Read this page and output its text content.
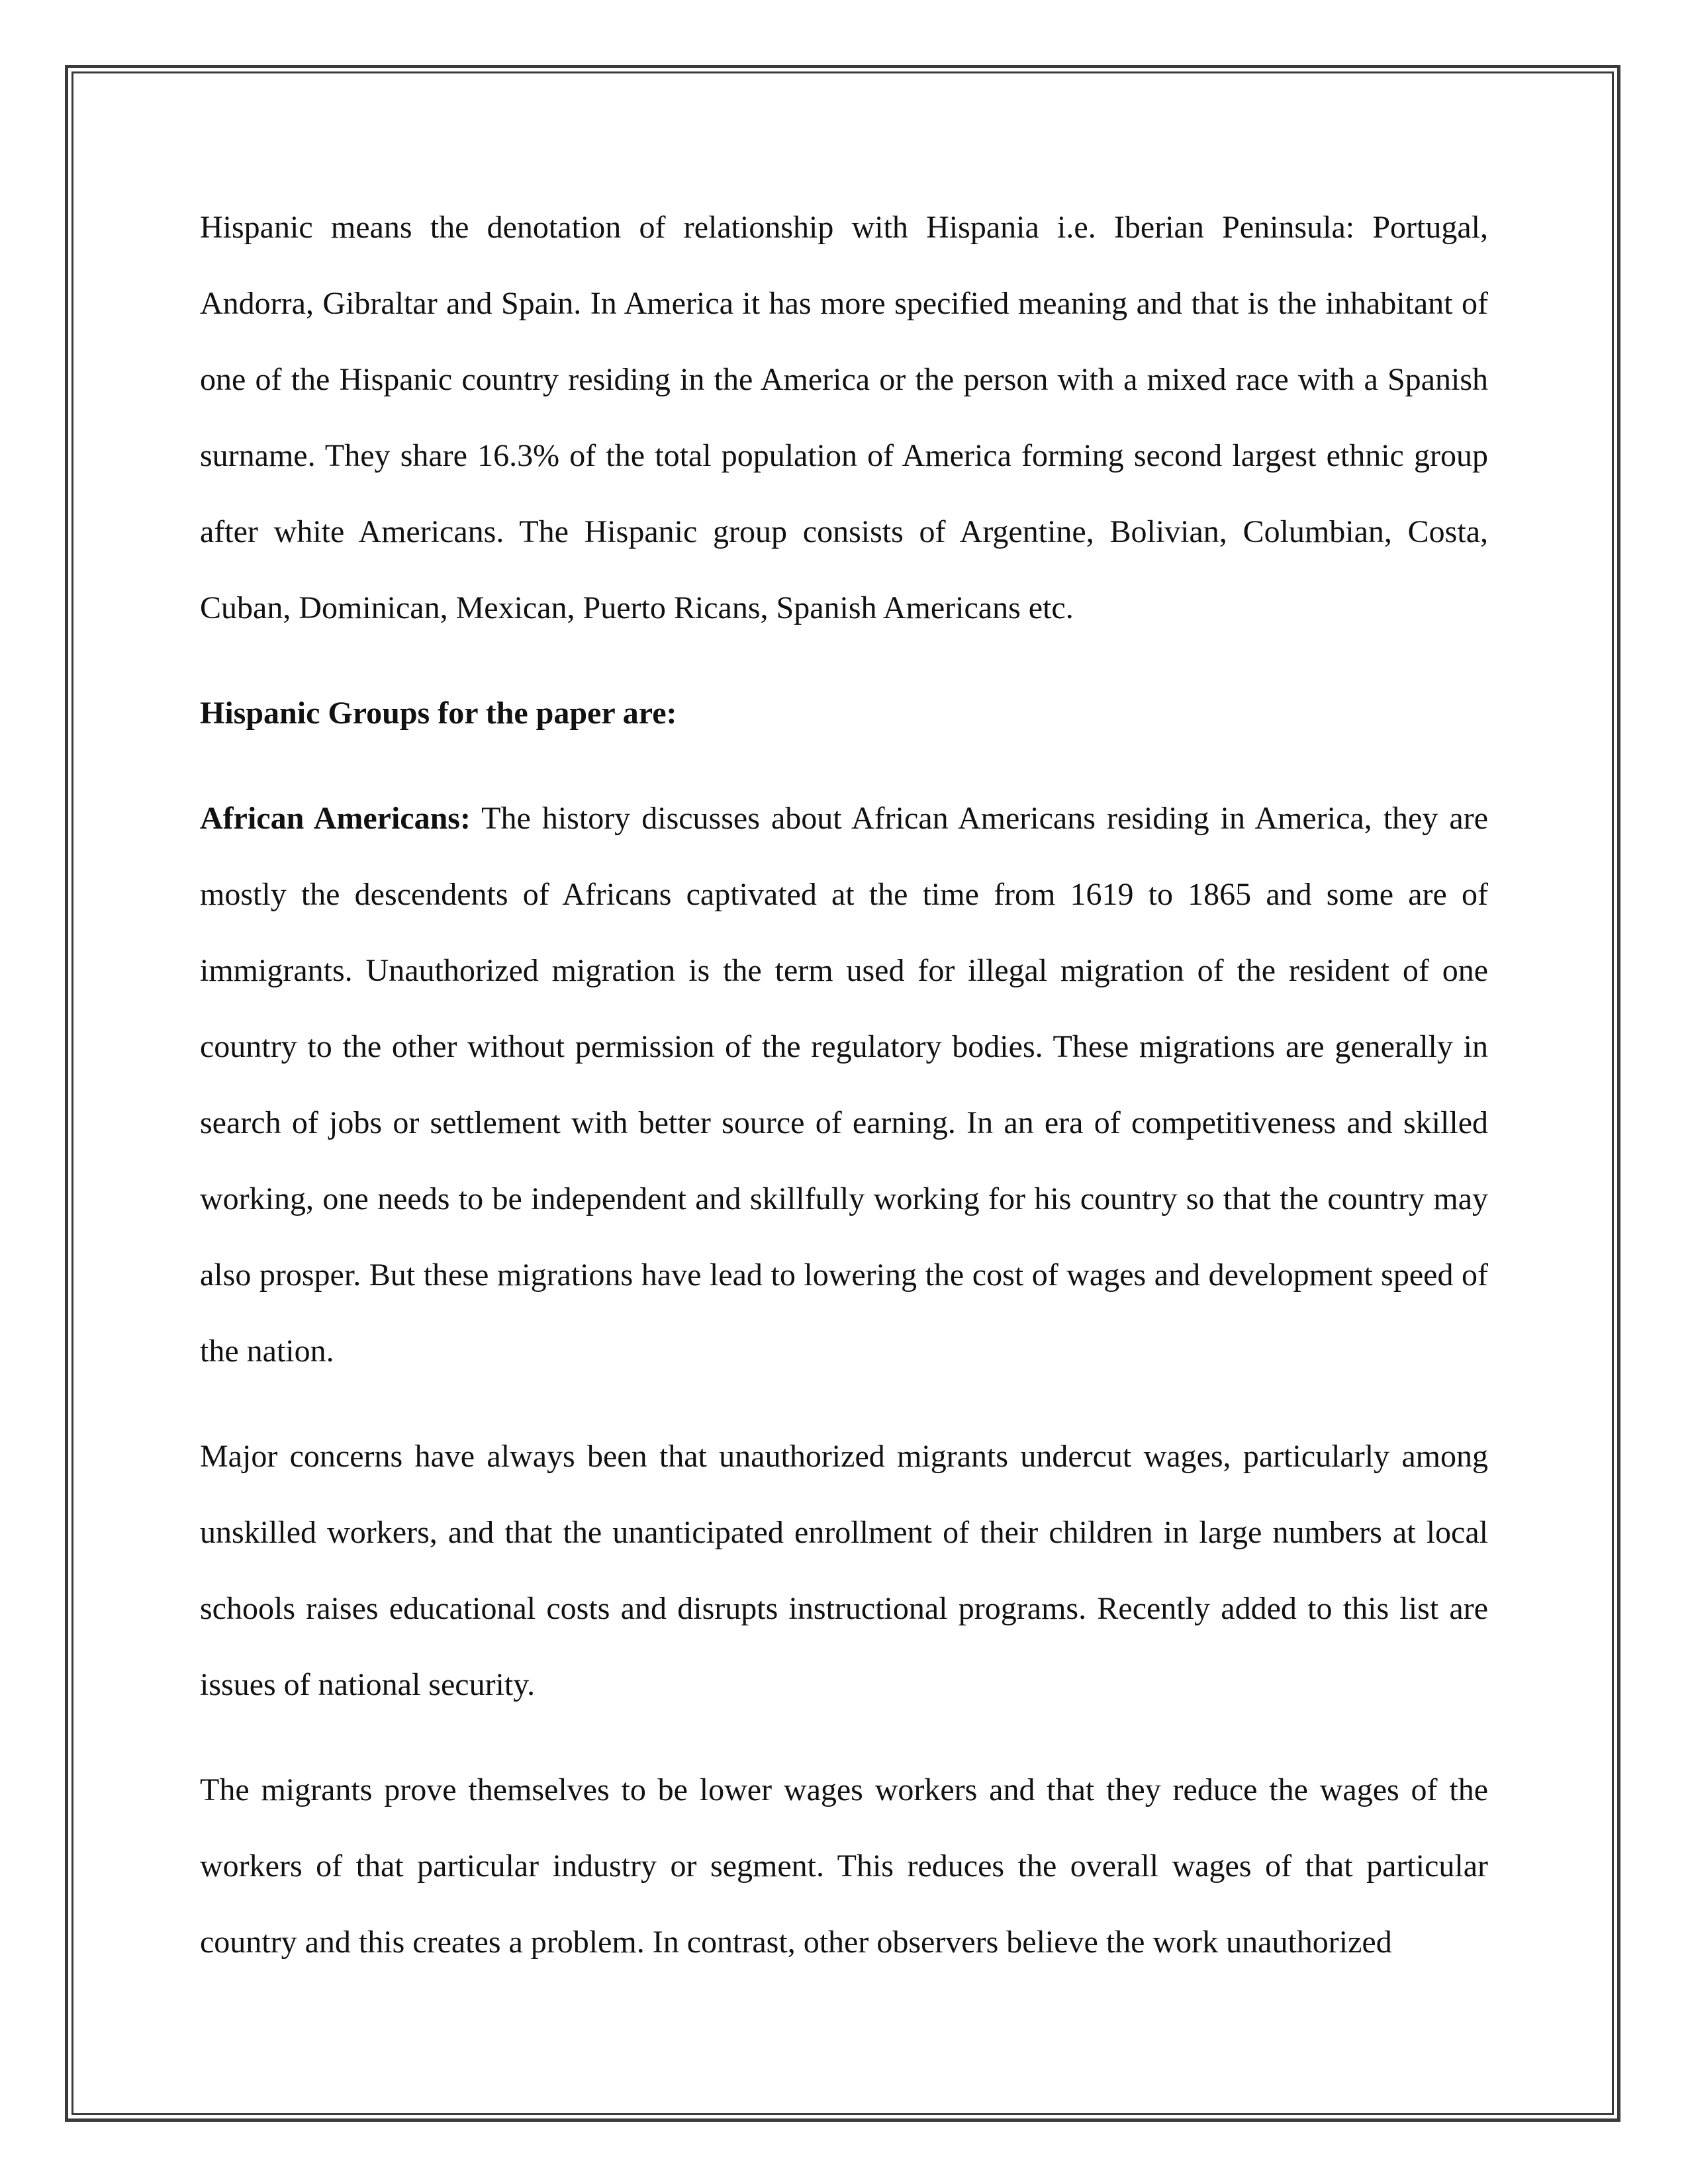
Hispanic means the denotation of relationship with Hispania i.e. Iberian Peninsula: Portugal, Andorra, Gibraltar and Spain. In America it has more specified meaning and that is the inhabitant of one of the Hispanic country residing in the America or the person with a mixed race with a Spanish surname. They share 16.3% of the total population of America forming second largest ethnic group after white Americans. The Hispanic group consists of Argentine, Bolivian, Columbian, Costa, Cuban, Dominican, Mexican, Puerto Ricans, Spanish Americans etc.

Hispanic Groups for the paper are:

African Americans: The history discusses about African Americans residing in America, they are mostly the descendents of Africans captivated at the time from 1619 to 1865 and some are of immigrants. Unauthorized migration is the term used for illegal migration of the resident of one country to the other without permission of the regulatory bodies. These migrations are generally in search of jobs or settlement with better source of earning. In an era of competitiveness and skilled working, one needs to be independent and skillfully working for his country so that the country may also prosper. But these migrations have lead to lowering the cost of wages and development speed of the nation.

Major concerns have always been that unauthorized migrants undercut wages, particularly among unskilled workers, and that the unanticipated enrollment of their children in large numbers at local schools raises educational costs and disrupts instructional programs. Recently added to this list are issues of national security.

The migrants prove themselves to be lower wages workers and that they reduce the wages of the workers of that particular industry or segment. This reduces the overall wages of that particular country and this creates a problem. In contrast, other observers believe the work unauthorized
